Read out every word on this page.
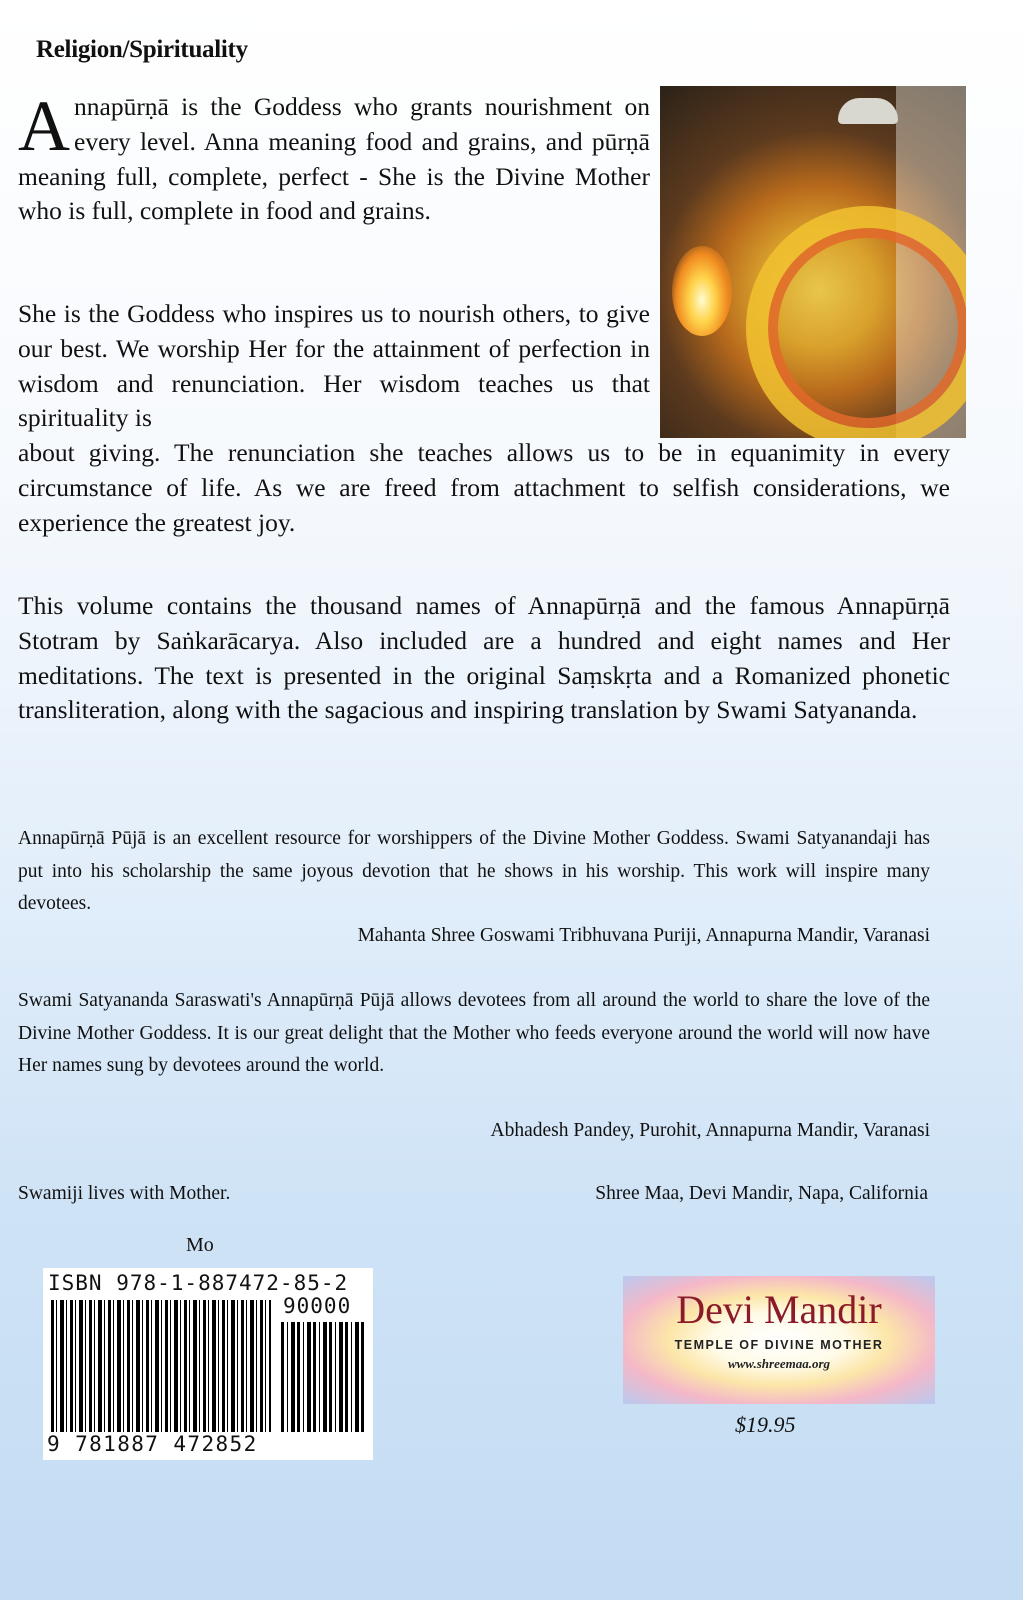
Religion/Spirituality

Annapūrṇā is the Goddess who grants nourishment on every level. Anna meaning food and grains, and pūrṇā meaning full, complete, perfect - She is the Divine Mother who is full, complete in food and grains.

She is the Goddess who inspires us to nourish others, to give our best. We worship Her for the attainment of perfection in wisdom and renunciation. Her wisdom teaches us that spirituality is
about giving. The renunciation she teaches allows us to be in equanimity in every circumstance of life. As we are freed from attachment to selfish considerations, we experience the greatest joy.

This volume contains the thousand names of Annapūrṇā and the famous Annapūrṇā Stotram by Saṅkarācarya. Also included are a hundred and eight names and Her meditations. The text is presented in the original Saṃskṛta and a Romanized phonetic transliteration, along with the sagacious and inspiring translation by Swami Satyananda.

Annapūrṇā Pūjā is an excellent resource for worshippers of the Divine Mother Goddess. Swami Satyanandaji has put into his scholarship the same joyous devotion that he shows in his worship. This work will inspire many devotees.
Mahanta Shree Goswami Tribhuvana Puriji, Annapurna Mandir, Varanasi
Swami Satyananda Saraswati's Annapūrṇā Pūjā allows devotees from all around the world to share the love of the Divine Mother Goddess. It is our great delight that the Mother who feeds everyone around the world will now have Her names sung by devotees around the world.
Abhadesh Pandey, Purohit, Annapurna Mandir, Varanasi
Swamiji lives with Mother.	Shree Maa, Devi Mandir, Napa, California
Mo
ISBN 978-1-887472-85-2
90000
9 781887 472852
Devi Mandir
TEMPLE OF DIVINE MOTHER
www.shreemaa.org
$19.95
